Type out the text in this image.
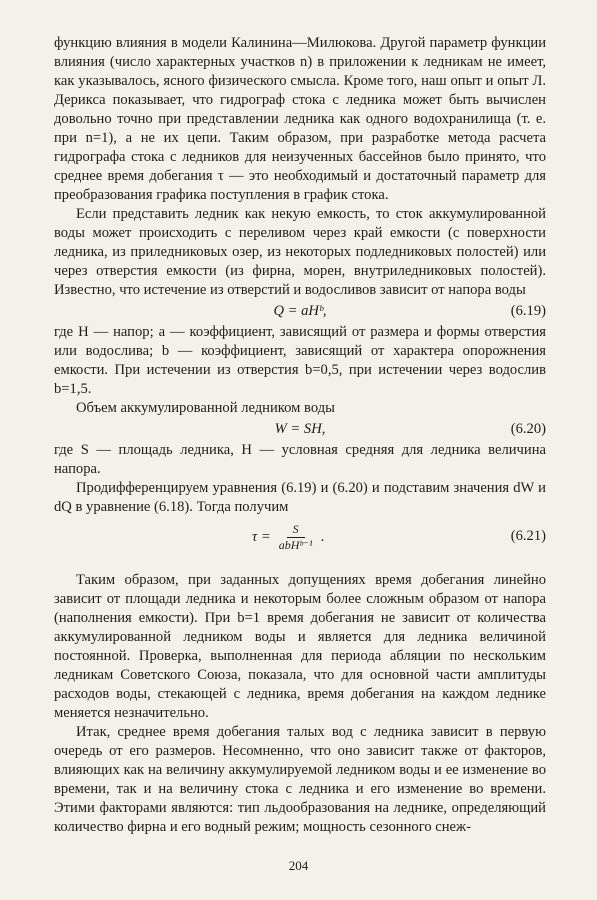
функцию влияния в модели Калинина—Милюкова. Другой параметр функции влияния (число характерных участков n) в приложении к ледникам не имеет, как указывалось, ясного физического смысла. Кроме того, наш опыт и опыт Л. Дерикса показывает, что гидрограф стока с ледника может быть вычислен довольно точно при представлении ледника как одного водохранилища (т. е. при n=1), а не их цепи. Таким образом, при разработке метода расчета гидрографа стока с ледников для неизученных бассейнов было принято, что среднее время добегания τ — это необходимый и достаточный параметр для преобразования графика поступления в график стока.

Если представить ледник как некую емкость, то сток аккумулированной воды может происходить с переливом через край емкости (с поверхности ледника, из приледниковых озер, из некоторых подледниковых полостей) или через отверстия емкости (из фирна, морен, внутриледниковых полостей). Известно, что истечение из отверстий и водосливов зависит от напора воды

Q = aHᵇ,	(6.19)

где H — напор; a — коэффициент, зависящий от размера и формы отверстия или водослива; b — коэффициент, зависящий от характера опорожнения емкости. При истечении из отверстия b=0,5, при истечении через водослив b=1,5.

Объем аккумулированной ледником воды

W = SH,	(6.20)

где S — площадь ледника, H — условная средняя для ледника величина напора.

Продифференцируем уравнения (6.19) и (6.20) и подставим значения dW и dQ в уравнение (6.18). Тогда получим

$\tau = \frac{S}{\text{abHᵇ⁻¹}}$ .	(6.21)

Таким образом, при заданных допущениях время добегания линейно зависит от площади ледника и некоторым более сложным образом от напора (наполнения емкости). При b=1 время добегания не зависит от количества аккумулированной ледником воды и является для ледника величиной постоянной. Проверка, выполненная для периода абляции по нескольким ледникам Советского Союза, показала, что для основной части амплитуды расходов воды, стекающей с ледника, время добегания на каждом леднике меняется незначительно.

Итак, среднее время добегания талых вод с ледника зависит в первую очередь от его размеров. Несомненно, что оно зависит также от факторов, влияющих как на величину аккумулируемой ледником воды и ее изменение во времени, так и на величину стока с ледника и его изменение во времени. Этими факторами являются: тип льдообразования на леднике, определяющий количество фирна и его водный режим; мощность сезонного снеж-

204
